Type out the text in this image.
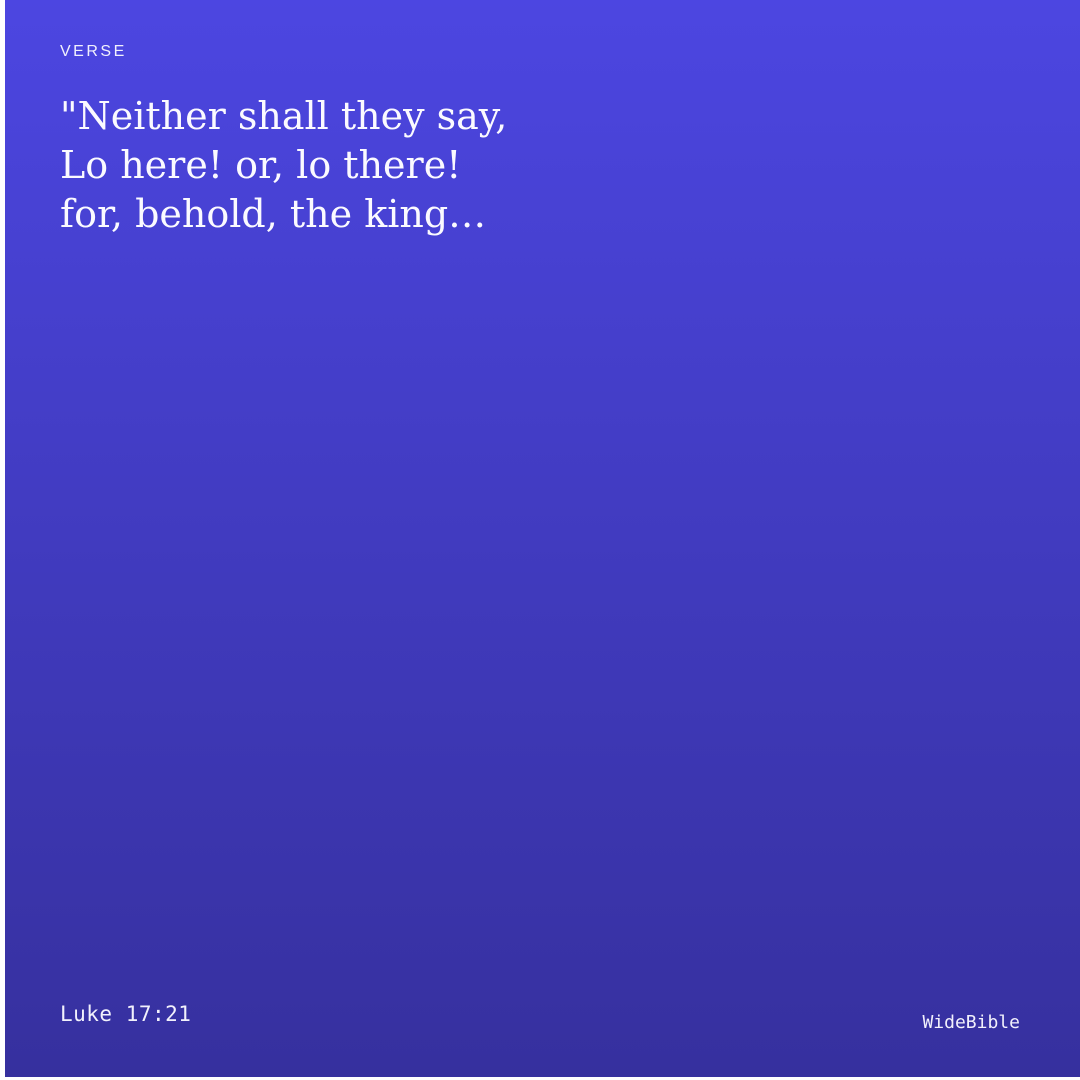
VERSE
"Neither shall they say,
Lo here! or, lo there!
for, behold, the king…
Luke 17:21	WideBible
